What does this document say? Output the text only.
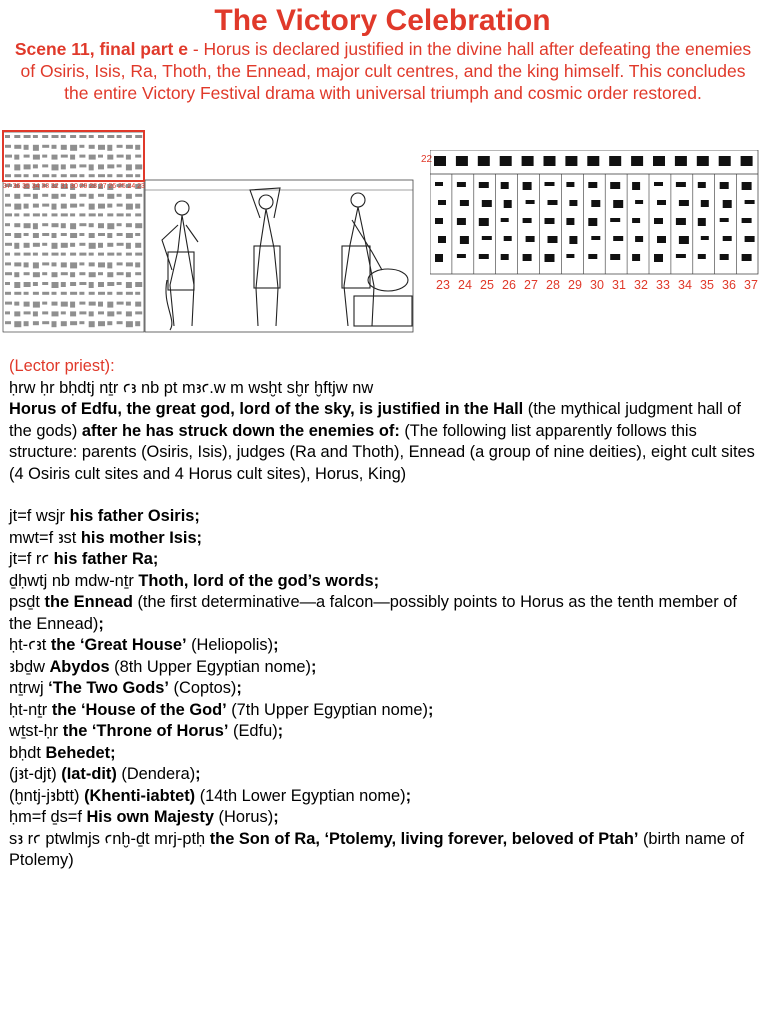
The Victory Celebration
Scene 11, final part e - Horus is declared justified in the divine hall after defeating the enemies of Osiris, Isis, Ra, Thoth, the Ennead, major cult centres, and the king himself. This concludes the entire Victory Festival drama with universal triumph and cosmic order restored.
37 36 35 34 33 32 31 30 29 28 27 26 25 24 23
22
23 24 25 26 27 28 29 30 31 32 33 34 35 36 37

(Lector priest):

ḥrw ḥr bḥdtj nṯr ꜥꜣ nb pt mꜣꜥ.w m wsḫt sḫr ḫftjw nw

Horus of Edfu, the great god, lord of the sky, is justified in the Hall (the mythical judgment hall of the gods) after he has struck down the enemies of: (The following list apparently follows this structure: parents (Osiris, Isis), judges (Ra and Thoth), Ennead (a group of nine deities), eight cult sites (4 Osiris cult sites and 4 Horus cult sites), Horus, King)

jt=f wsjr his father Osiris;

mwt=f ꜣst his mother Isis;

jt=f rꜥ his father Ra;

ḏḥwtj nb mdw-nṯr Thoth, lord of the god’s words;

psḏt the Ennead (the first determinative—a falcon—possibly points to Horus as the tenth member of the Ennead);

ḥt-ꜥꜣt the ‘Great House’ (Heliopolis);

ꜣbḏw Abydos (8th Upper Egyptian nome);

nṯrwj ‘The Two Gods’ (Coptos);

ḥt-nṯr the ‘House of the God’ (7th Upper Egyptian nome);

wṯst-ḥr the ‘Throne of Horus’ (Edfu);

bḥdt Behedet;

(jꜣt-djt) (Iat-dit) (Dendera);

(ḫntj-jꜣbtt) (Khenti-iabtet) (14th Lower Egyptian nome);

ḥm=f ḏs=f His own Majesty (Horus);

sꜣ rꜥ ptwlmjs ꜥnḫ-ḏt mrj-ptḥ the Son of Ra, ‘Ptolemy, living forever, beloved of Ptah’ (birth name of Ptolemy)
